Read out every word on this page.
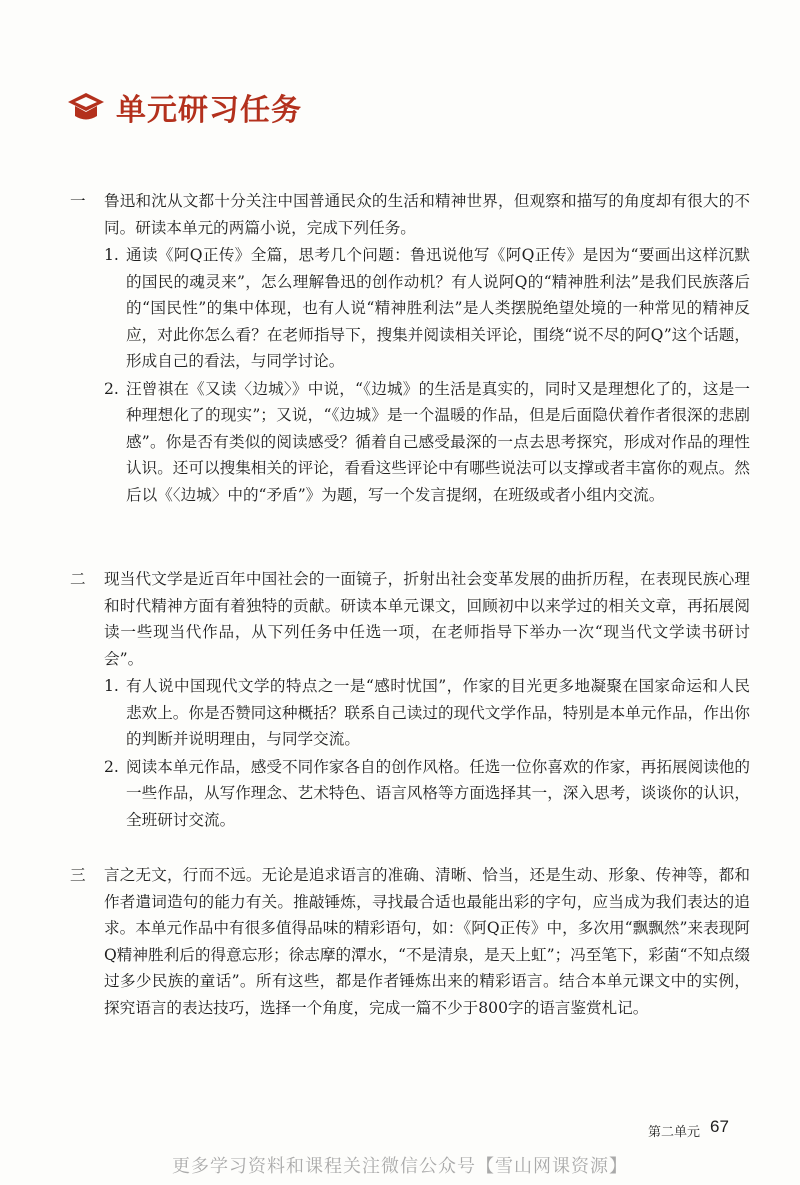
单元研习任务
一	鲁迅和沈从文都十分关注中国普通民众的生活和精神世界，但观察和描写的角度却有很大的不同。研读本单元的两篇小说，完成下列任务。
1. 通读《阿Q正传》全篇，思考几个问题：鲁迅说他写《阿Q正传》是因为“要画出这样沉默的国民的魂灵来”，怎么理解鲁迅的创作动机？有人说阿Q的“精神胜利法”是我们民族落后的“国民性”的集中体现，也有人说“精神胜利法”是人类摆脱绝望处境的一种常见的精神反应，对此你怎么看？在老师指导下，搜集并阅读相关评论，围绕“说不尽的阿Q”这个话题，形成自己的看法，与同学讨论。
2. 汪曾祺在《又读〈边城〉》中说，“《边城》的生活是真实的，同时又是理想化了的，这是一种理想化了的现实”；又说，“《边城》是一个温暖的作品，但是后面隐伏着作者很深的悲剧感”。你是否有类似的阅读感受？循着自己感受最深的一点去思考探究，形成对作品的理性认识。还可以搜集相关的评论，看看这些评论中有哪些说法可以支撑或者丰富你的观点。然后以《〈边城〉中的“矛盾”》为题，写一个发言提纲，在班级或者小组内交流。
二	现当代文学是近百年中国社会的一面镜子，折射出社会变革发展的曲折历程，在表现民族心理和时代精神方面有着独特的贡献。研读本单元课文，回顾初中以来学过的相关文章，再拓展阅读一些现当代作品，从下列任务中任选一项，在老师指导下举办一次“现当代文学读书研讨会”。
1. 有人说中国现代文学的特点之一是“感时忧国”，作家的目光更多地凝聚在国家命运和人民悲欢上。你是否赞同这种概括？联系自己读过的现代文学作品，特别是本单元作品，作出你的判断并说明理由，与同学交流。
2. 阅读本单元作品，感受不同作家各自的创作风格。任选一位你喜欢的作家，再拓展阅读他的一些作品，从写作理念、艺术特色、语言风格等方面选择其一，深入思考，谈谈你的认识，全班研讨交流。
三	言之无文，行而不远。无论是追求语言的准确、清晰、恰当，还是生动、形象、传神等，都和作者遣词造句的能力有关。推敲锤炼，寻找最合适也最能出彩的字句，应当成为我们表达的追求。本单元作品中有很多值得品味的精彩语句，如：《阿Q正传》中，多次用“飘飘然”来表现阿Q精神胜利后的得意忘形；徐志摩的潭水，“不是清泉，是天上虹”；冯至笔下，彩菌“不知点缀过多少民族的童话”。所有这些，都是作者锤炼出来的精彩语言。结合本单元课文中的实例，探究语言的表达技巧，选择一个角度，完成一篇不少于800字的语言鉴赏札记。
第二单元 67
更多学习资料和课程关注微信公众号【雪山网课资源】
